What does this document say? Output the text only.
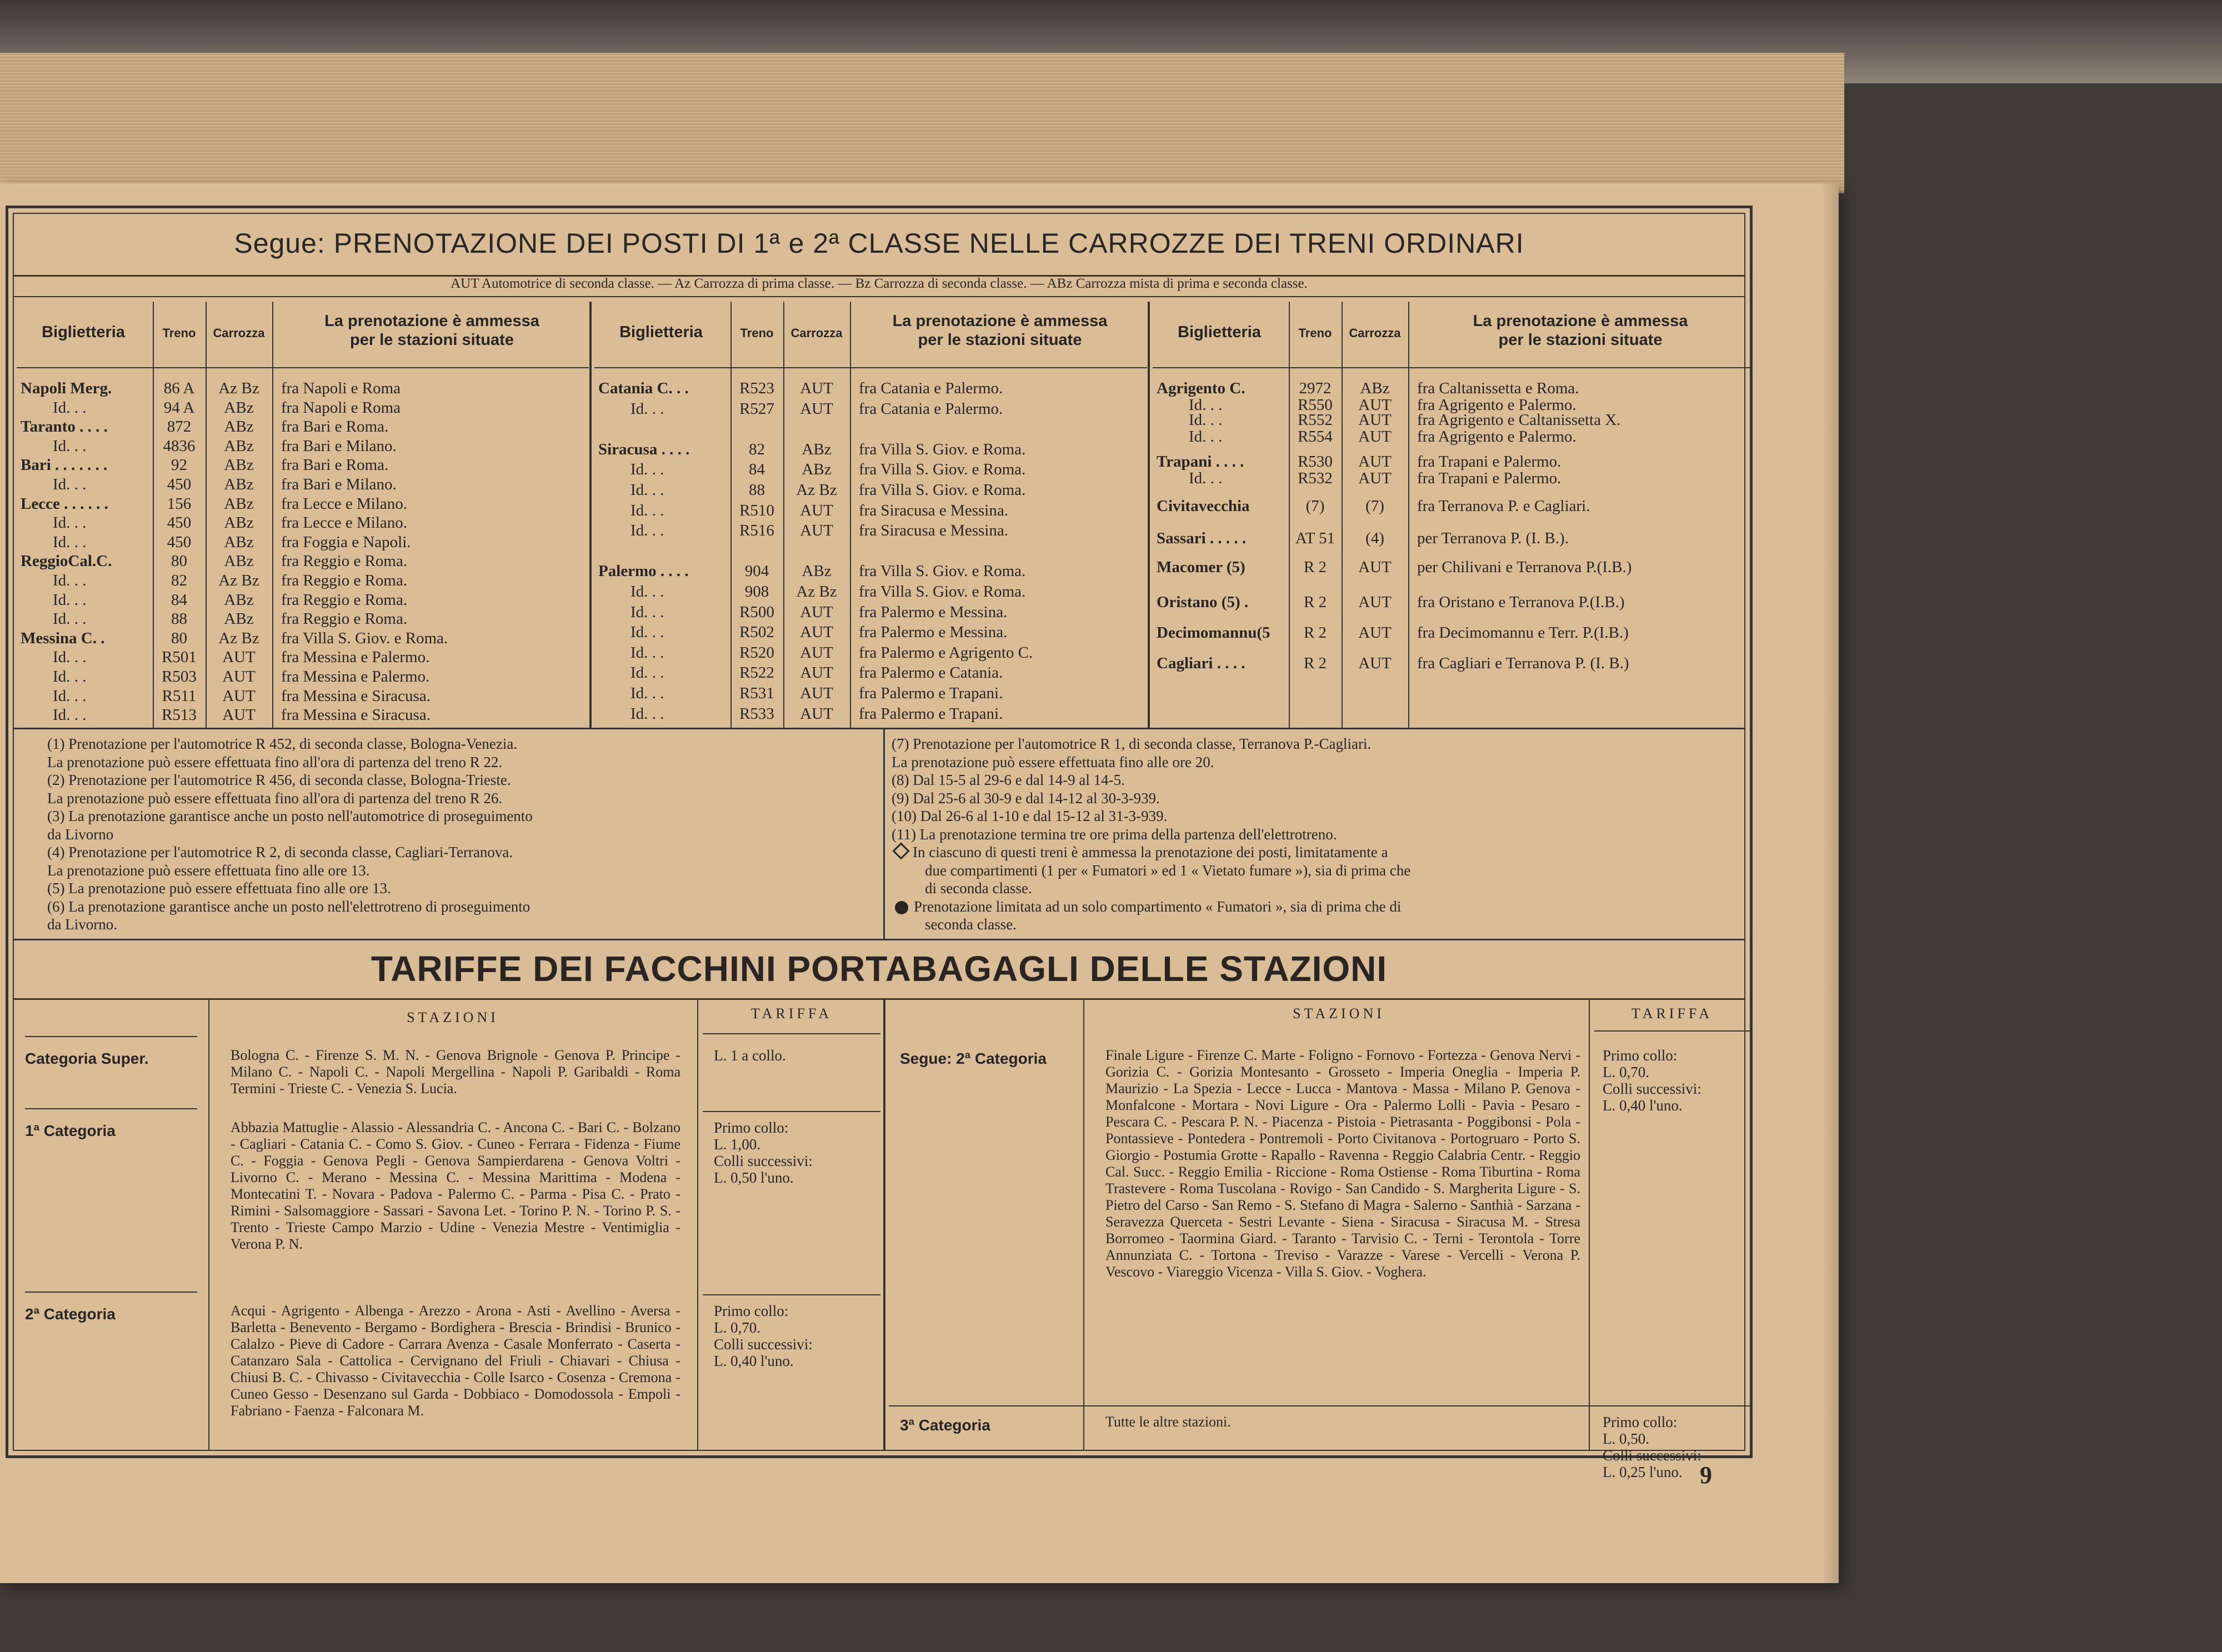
Segue: PRENOTAZIONE DEI POSTI DI 1ª e 2ª CLASSE NELLE CARROZZE DEI TRENI ORDINARI
AUT Automotrice di seconda classe. — Az Carrozza di prima classe. — Bz Carrozza di seconda classe. — ABz Carrozza mista di prima e seconda classe.
Biglietteria	Treno	Carrozza
La prenotazione è ammessa
per le stazioni situate
Napoli Merg.	86 A	Az Bz	fra Napoli e Roma
Id. . .	94 A	ABz	fra Napoli e Roma
Taranto . . . .	872	ABz	fra Bari e Roma.
Id. . .	4836	ABz	fra Bari e Milano.
Bari . . . . . . .	92	ABz	fra Bari e Roma.
Id. . .	450	ABz	fra Bari e Milano.
Lecce . . . . . .	156	ABz	fra Lecce e Milano.
Id. . .	450	ABz	fra Lecce e Milano.
Id. . .	450	ABz	fra Foggia e Napoli.
ReggioCal.C.	80	ABz	fra Reggio e Roma.
Id. . .	82	Az Bz	fra Reggio e Roma.
Id. . .	84	ABz	fra Reggio e Roma.
Id. . .	88	ABz	fra Reggio e Roma.
Messina C. .	80	Az Bz	fra Villa S. Giov. e Roma.
Id. . .	R501	AUT	fra Messina e Palermo.
Id. . .	R503	AUT	fra Messina e Palermo.
Id. . .	R511	AUT	fra Messina e Siracusa.
Id. . .	R513	AUT	fra Messina e Siracusa.
Biglietteria	Treno	Carrozza
La prenotazione è ammessa
per le stazioni situate
Catania C. . .	R523	AUT	fra Catania e Palermo.
Id. . .	R527	AUT	fra Catania e Palermo.
Siracusa . . . .	82	ABz	fra Villa S. Giov. e Roma.
Id. . .	84	ABz	fra Villa S. Giov. e Roma.
Id. . .	88	Az Bz	fra Villa S. Giov. e Roma.
Id. . .	R510	AUT	fra Siracusa e Messina.
Id. . .	R516	AUT	fra Siracusa e Messina.
Palermo . . . .	904	ABz	fra Villa S. Giov. e Roma.
Id. . .	908	Az Bz	fra Villa S. Giov. e Roma.
Id. . .	R500	AUT	fra Palermo e Messina.
Id. . .	R502	AUT	fra Palermo e Messina.
Id. . .	R520	AUT	fra Palermo e Agrigento C.
Id. . .	R522	AUT	fra Palermo e Catania.
Id. . .	R531	AUT	fra Palermo e Trapani.
Id. . .	R533	AUT	fra Palermo e Trapani.
Biglietteria	Treno	Carrozza
La prenotazione è ammessa
per le stazioni situate
Agrigento C.	2972	ABz	fra Caltanissetta e Roma.
Id. . .	R550	AUT	fra Agrigento e Palermo.
Id. . .	R552	AUT	fra Agrigento e Caltanissetta X.
Id. . .	R554	AUT	fra Agrigento e Palermo.
Trapani . . . .	R530	AUT	fra Trapani e Palermo.
Id. . .	R532	AUT	fra Trapani e Palermo.
Civitavecchia	(7)	(7)	fra Terranova P. e Cagliari.
Sassari . . . . .	AT 51	(4)	per Terranova P. (I. B.).
Macomer (5)	R 2	AUT	per Chilivani e Terranova P.(I.B.)
Oristano (5) .	R 2	AUT	fra Oristano e Terranova P.(I.B.)
Decimomannu(5	R 2	AUT	fra Decimomannu e Terr. P.(I.B.)
Cagliari . . . .	R 2	AUT	fra Cagliari e Terranova P. (I. B.)
(1) Prenotazione per l'automotrice R 452, di seconda classe, Bologna-Venezia.
La prenotazione può essere effettuata fino all'ora di partenza del treno R 22.
(2) Prenotazione per l'automotrice R 456, di seconda classe, Bologna-Trieste.
La prenotazione può essere effettuata fino all'ora di partenza del treno R 26.
(3) La prenotazione garantisce anche un posto nell'automotrice di proseguimento
da Livorno
(4) Prenotazione per l'automotrice R 2, di seconda classe, Cagliari-Terranova.
La prenotazione può essere effettuata fino alle ore 13.
(5) La prenotazione può essere effettuata fino alle ore 13.
(6) La prenotazione garantisce anche un posto nell'elettrotreno di proseguimento
da Livorno.
(7) Prenotazione per l'automotrice R 1, di seconda classe, Terranova P.-Cagliari.
La prenotazione può essere effettuata fino alle ore 20.
(8) Dal 15-5 al 29-6 e dal 14-9 al 14-5.
(9) Dal 25-6 al 30-9 e dal 14-12 al 30-3-939.
(10) Dal 26-6 al 1-10 e dal 15-12 al 31-3-939.
(11) La prenotazione termina tre ore prima della partenza dell'elettrotreno.
In ciascuno di questi treni è ammessa la prenotazione dei posti, limitatamente a
due compartimenti (1 per « Fumatori » ed 1 « Vietato fumare »), sia di prima che
di seconda classe.
Prenotazione limitata ad un solo compartimento « Fumatori », sia di prima che di
seconda classe.
TARIFFE DEI FACCHINI PORTABAGAGLI DELLE STAZIONI
STAZIONI	TARIFFA	STAZIONI	TARIFFA
Categoria Super.	Bologna C. - Firenze S. M. N. - Genova Brignole - Genova P. Principe - Milano C. - Napoli C. - Napoli Mergellina - Napoli P. Garibaldi - Roma Termini - Trieste C. - Venezia S. Lucia.
L. 1 a collo.
1ª Categoria	Abbazia Mattuglie - Alassio - Alessandria C. - Ancona C. - Bari C. - Bolzano - Cagliari - Catania C. - Como S. Giov. - Cuneo - Ferrara - Fidenza - Fiume C. - Foggia - Genova Pegli - Genova Sampierdarena - Genova Voltri - Livorno C. - Merano - Messina C. - Messina Marittima - Modena - Montecatini T. - Novara - Padova - Palermo C. - Parma - Pisa C. - Prato - Rimini - Salsomaggiore - Sassari - Savona Let. - Torino P. N. - Torino P. S. - Trento - Trieste Campo Marzio - Udine - Venezia Mestre - Ventimiglia - Verona P. N.
Primo collo:
L. 1,00.
Colli successivi:
L. 0,50 l'uno.
2ª Categoria	Acqui - Agrigento - Albenga - Arezzo - Arona - Asti - Avellino - Aversa - Barletta - Benevento - Bergamo - Bordighera - Brescia - Brindisi - Brunico - Calalzo - Pieve di Cadore - Carrara Avenza - Casale Monferrato - Caserta - Catanzaro Sala - Cattolica - Cervignano del Friuli - Chiavari - Chiusa - Chiusi B. C. - Chivasso - Civitavecchia - Colle Isarco - Cosenza - Cremona - Cuneo Gesso - Desenzano sul Garda - Dobbiaco - Domodossola - Empoli - Fabriano - Faenza - Falconara M.
Primo collo:
L. 0,70.
Colli successivi:
L. 0,40 l'uno.
Segue: 2ª Categoria	Finale Ligure - Firenze C. Marte - Foligno - Fornovo - Fortezza - Genova Nervi - Gorizia C. - Gorizia Montesanto - Grosseto - Imperia Oneglia - Imperia P. Maurizio - La Spezia - Lecce - Lucca - Mantova - Massa - Milano P. Genova - Monfalcone - Mortara - Novi Ligure - Ora - Palermo Lolli - Pavia - Pesaro - Pescara C. - Pescara P. N. - Piacenza - Pistoia - Pietrasanta - Poggibonsi - Pola - Pontassieve - Pontedera - Pontremoli - Porto Civitanova - Portogruaro - Porto S. Giorgio - Postumia Grotte - Rapallo - Ravenna - Reggio Calabria Centr. - Reggio Cal. Succ. - Reggio Emilia - Riccione - Roma Ostiense - Roma Tiburtina - Roma Trastevere - Roma Tuscolana - Rovigo - San Candido - S. Margherita Ligure - S. Pietro del Carso - San Remo - S. Stefano di Magra - Salerno - Santhià - Sarzana - Seravezza Querceta - Sestri Levante - Siena - Siracusa - Siracusa M. - Stresa Borromeo - Taormina Giard. - Taranto - Tarvisio C. - Terni - Terontola - Torre Annunziata C. - Tortona - Treviso - Varazze - Varese - Vercelli - Verona P. Vescovo - Viareggio Vicenza - Villa S. Giov. - Voghera.
Primo collo:
L. 0,70.
Colli successivi:
L. 0,40 l'uno.
3ª Categoria	Tutte le altre stazioni.	Primo collo:
L. 0,50.
Colli successivi:
L. 0,25 l'uno. 9
